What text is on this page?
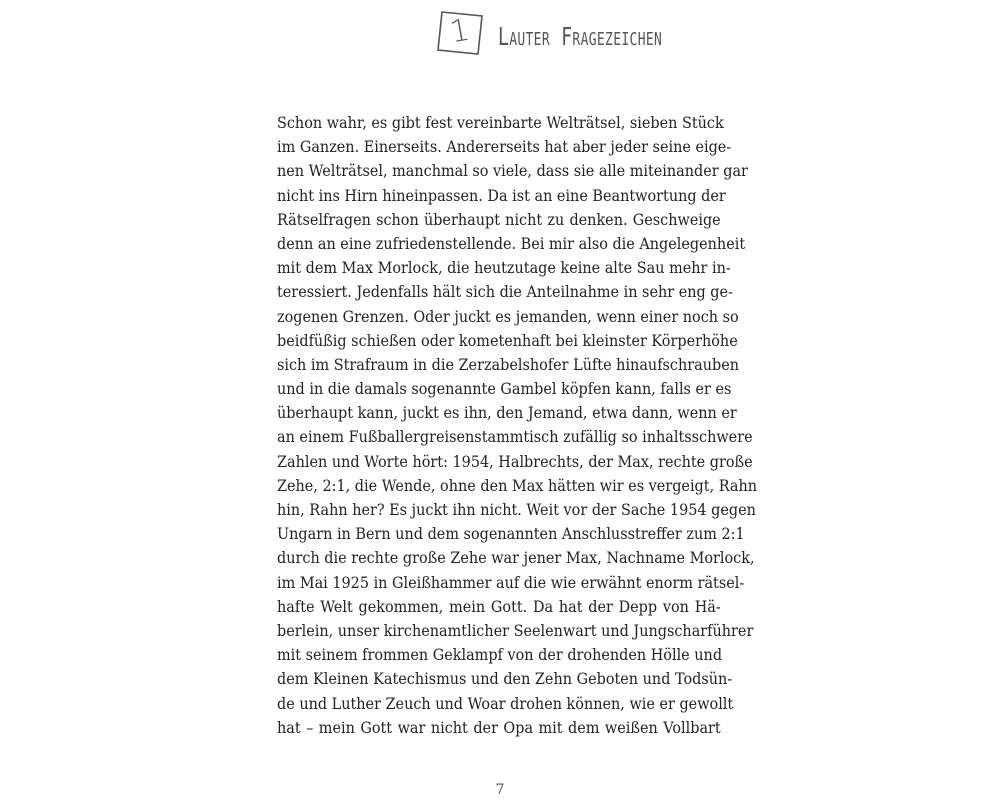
1	Lauter Fragezeichen
Schon wahr, es gibt fest vereinbarte Welträtsel, sieben Stück
im Ganzen. Einerseits. Andererseits hat aber jeder seine eige-
nen Welträtsel, manchmal so viele, dass sie alle miteinander gar
nicht ins Hirn hineinpassen. Da ist an eine Beantwortung der
Rätselfragen schon überhaupt nicht zu denken. Geschweige
denn an eine zufriedenstellende. Bei mir also die Angelegenheit
mit dem Max Morlock, die heutzutage keine alte Sau mehr in-
teressiert. Jedenfalls hält sich die Anteilnahme in sehr eng ge-
zogenen Grenzen. Oder juckt es jemanden, wenn einer noch so
beidfüßig schießen oder kometenhaft bei kleinster Körperhöhe
sich im Strafraum in die Zerzabelshofer Lüfte hinaufschrauben
und in die damals sogenannte Gambel köpfen kann, falls er es
überhaupt kann, juckt es ihn, den Jemand, etwa dann, wenn er
an einem Fußballergreisenstammtisch zufällig so inhaltsschwere
Zahlen und Worte hört: 1954, Halbrechts, der Max, rechte große
Zehe, 2:1, die Wende, ohne den Max hätten wir es vergeigt, Rahn
hin, Rahn her? Es juckt ihn nicht. Weit vor der Sache 1954 gegen
Ungarn in Bern und dem sogenannten Anschlusstreffer zum 2:1
durch die rechte große Zehe war jener Max, Nachname Morlock,
im Mai 1925 in Gleißhammer auf die wie erwähnt enorm rätsel-
hafte Welt gekommen, mein Gott. Da hat der Depp von Hä-
berlein, unser kirchenamtlicher Seelenwart und Jungscharführer
mit seinem frommen Geklampf von der drohenden Hölle und
dem Kleinen Katechismus und den Zehn Geboten und Todsün-
de und Luther Zeuch und Woar drohen können, wie er gewollt
hat – mein Gott war nicht der Opa mit dem weißen Vollbart
7
